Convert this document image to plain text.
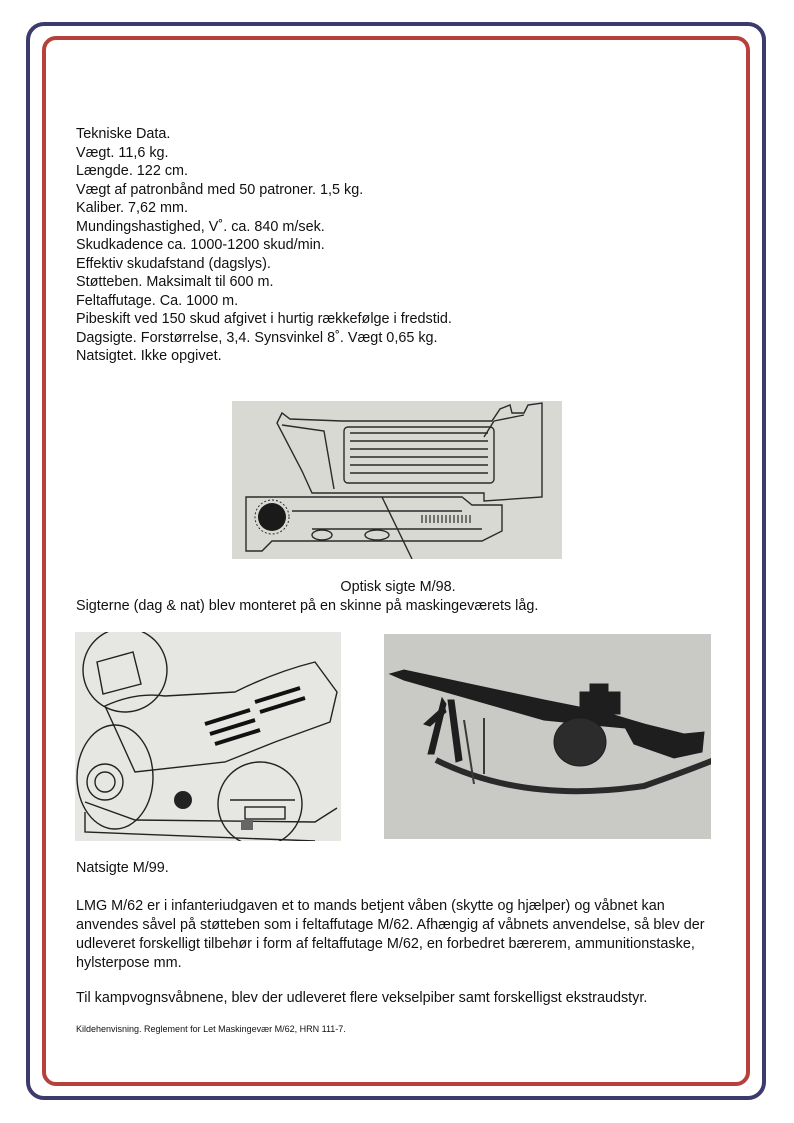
Tekniske Data.
Vægt. 11,6 kg.
Længde. 122 cm.
Vægt af patronbånd med 50 patroner. 1,5 kg.
Kaliber. 7,62 mm.
Mundingshastighed, V˚. ca. 840 m/sek.
Skudkadence ca. 1000-1200 skud/min.
Effektiv skudafstand (dagslys).
Støtteben. Maksimalt til 600 m.
Feltaffutage. Ca. 1000 m.
Pibeskift ved 150 skud afgivet i hurtig rækkefølge i fredstid.
Dagsigte. Forstørrelse, 3,4. Synsvinkel 8˚. Vægt 0,65 kg.
Natsigtet. Ikke opgivet.
Optisk sigte M/98.
Sigterne (dag & nat) blev monteret på en skinne på maskingeværets låg.
Natsigte M/99.
LMG M/62 er i infanteriudgaven et to mands betjent våben (skytte og hjælper) og våbnet kan anvendes såvel på støtteben som i feltaffutage M/62. Afhængig af våbnets anvendelse, så blev der udleveret forskelligt tilbehør i form af feltaffutage M/62, en forbedret bærerem, ammunitionstaske, hylsterpose mm.
Til kampvognsvåbnene, blev der udleveret flere vekselpiber samt forskelligst ekstraudstyr.
Kildehenvisning. Reglement for Let Maskingevær M/62, HRN 111-7.
